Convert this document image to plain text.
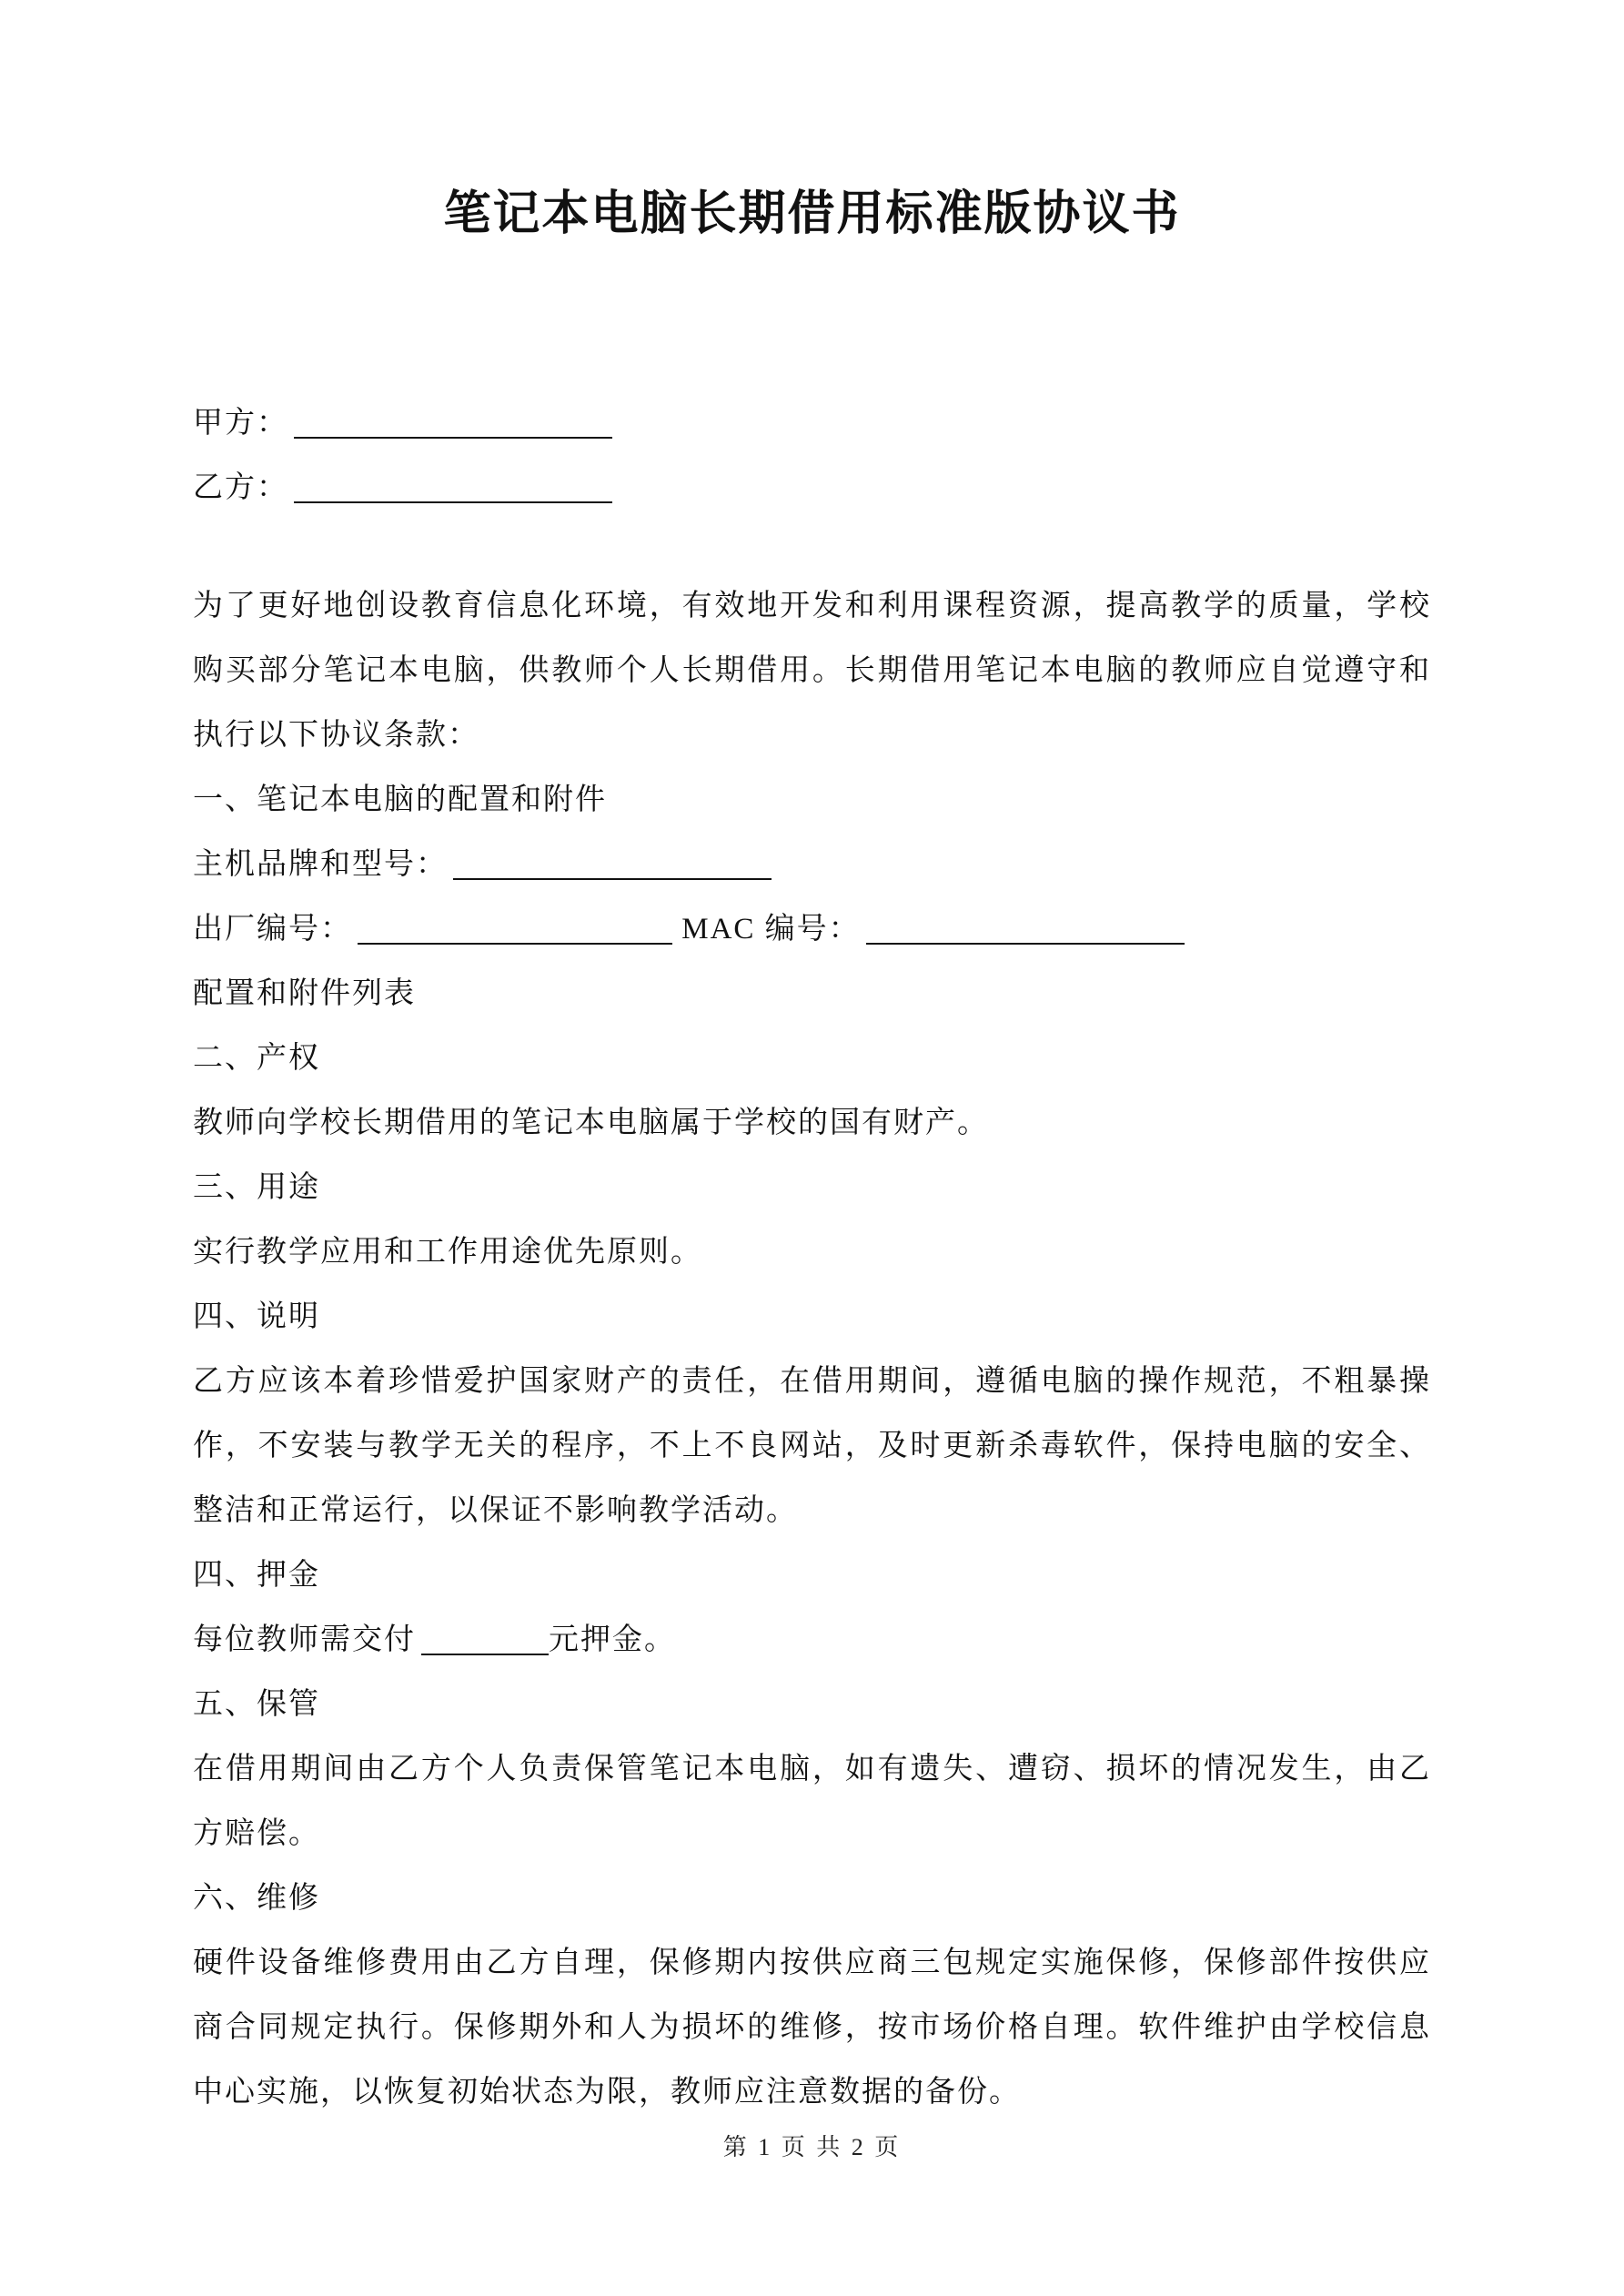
笔记本电脑长期借用标准版协议书

甲方：

乙方：

为了更好地创设教育信息化环境，有效地开发和利用课程资源，提高教学的质量，学校购买部分笔记本电脑，供教师个人长期借用。长期借用笔记本电脑的教师应自觉遵守和执行以下协议条款：

一、笔记本电脑的配置和附件

主机品牌和型号：

出厂编号：	MAC 编号：

配置和附件列表

二、产权

教师向学校长期借用的笔记本电脑属于学校的国有财产。

三、用途

实行教学应用和工作用途优先原则。

四、说明

乙方应该本着珍惜爱护国家财产的责任，在借用期间，遵循电脑的操作规范，不粗暴操作，不安装与教学无关的程序，不上不良网站，及时更新杀毒软件，保持电脑的安全、整洁和正常运行，以保证不影响教学活动。

四、押金

每位教师需交付	元押金。

五、保管

在借用期间由乙方个人负责保管笔记本电脑，如有遗失、遭窃、损坏的情况发生，由乙方赔偿。

六、维修

硬件设备维修费用由乙方自理，保修期内按供应商三包规定实施保修，保修部件按供应商合同规定执行。保修期外和人为损坏的维修，按市场价格自理。软件维护由学校信息中心实施，以恢复初始状态为限，教师应注意数据的备份。

第 1 页 共 2 页
